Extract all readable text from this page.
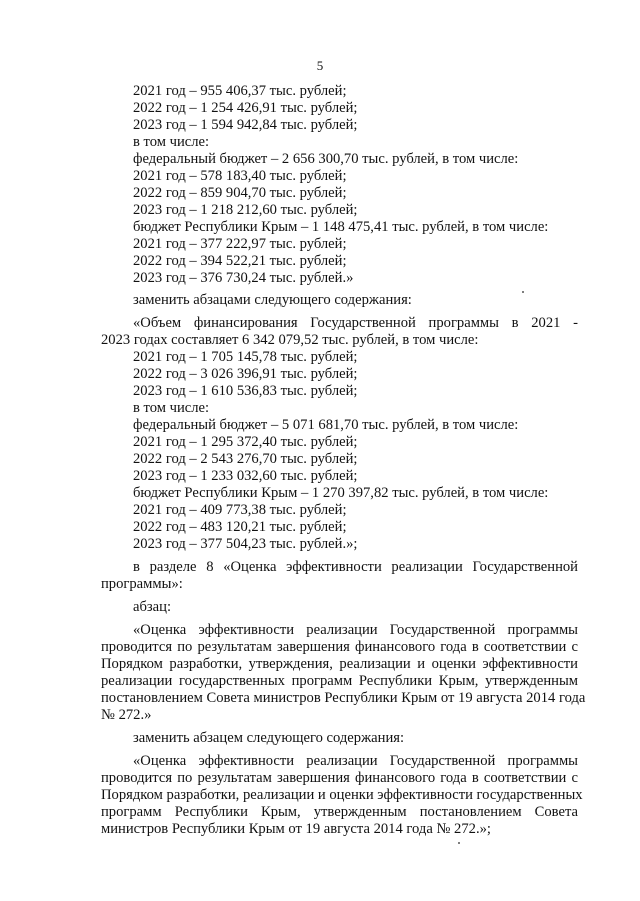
5
2021 год – 955 406,37 тыс. рублей;
2022 год – 1 254 426,91 тыс. рублей;
2023 год – 1 594 942,84 тыс. рублей;
в том числе:
федеральный бюджет – 2 656 300,70 тыс. рублей, в том числе:
2021 год – 578 183,40 тыс. рублей;
2022 год – 859 904,70 тыс. рублей;
2023 год – 1 218 212,60 тыс. рублей;
бюджет Республики Крым – 1 148 475,41 тыс. рублей, в том числе:
2021 год – 377 222,97 тыс. рублей;
2022 год – 394 522,21 тыс. рублей;
2023 год – 376 730,24 тыс. рублей.»
заменить абзацами следующего содержания:
«Объем финансирования Государственной программы в 2021 -
2023 годах составляет 6 342 079,52 тыс. рублей, в том числе:
2021 год – 1 705 145,78 тыс. рублей;
2022 год – 3 026 396,91 тыс. рублей;
2023 год – 1 610 536,83 тыс. рублей;
в том числе:
федеральный бюджет – 5 071 681,70 тыс. рублей, в том числе:
2021 год – 1 295 372,40 тыс. рублей;
2022 год – 2 543 276,70 тыс. рублей;
2023 год – 1 233 032,60 тыс. рублей;
бюджет Республики Крым – 1 270 397,82 тыс. рублей, в том числе:
2021 год – 409 773,38 тыс. рублей;
2022 год – 483 120,21 тыс. рублей;
2023 год – 377 504,23 тыс. рублей.»;
в разделе 8 «Оценка эффективности реализации Государственной
программы»:
абзац:
«Оценка эффективности реализации Государственной программы
проводится по результатам завершения финансового года в соответствии с
Порядком разработки, утверждения, реализации и оценки эффективности
реализации государственных программ Республики Крым, утвержденным
постановлением Совета министров Республики Крым от 19 августа 2014 года
№ 272.»
заменить абзацем следующего содержания:
«Оценка эффективности реализации Государственной программы
проводится по результатам завершения финансового года в соответствии с
Порядком разработки, реализации и оценки эффективности государственных
программ Республики Крым, утвержденным постановлением Совета
министров Республики Крым от 19 августа 2014 года № 272.»;
